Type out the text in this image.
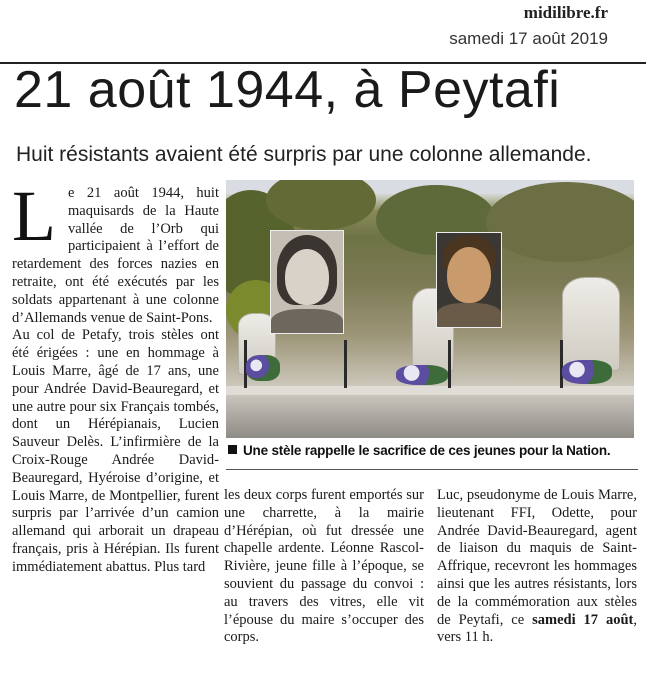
midilibre.fr
samedi 17 août 2019
21 août 1944, à Peytafi
Huit résistants avaient été surpris par une colonne allemande.
L e 21 août 1944, huit maquisards de la Haute vallée de l’Orb qui participaient à l’effort de retardement des forces nazies en retraite, ont été exécutés par les soldats appartenant à une colonne d’Allemands venue de Saint-Pons.
Au col de Petafy, trois stèles ont été érigées : une en hommage à Louis Marre, âgé de 17 ans, une pour Andrée David-Beauregard, et une autre pour six Français tombés, dont un Hérépianais, Lucien Sauveur Delès. L’infirmière de la Croix-Rouge Andrée David-Beauregard, Hyéroise d’origine, et Louis Marre, de Montpellier, furent surpris par l’arrivée d’un camion allemand qui arborait un drapeau français, pris à Hérépian. Ils furent immédiatement abattus. Plus tard
Une stèle rappelle le sacrifice de ces jeunes pour la Nation.
les deux corps furent emportés sur une charrette, à la mairie d’Hérépian, où fut dressée une chapelle ardente. Léonne Rascol-Rivière, jeune fille à l’époque, se souvient du passage du convoi : au travers des vitres, elle vit l’épouse du maire s’occuper des corps.
Luc, pseudonyme de Louis Marre, lieutenant FFI, Odette, pour Andrée David-Beauregard, agent de liaison du maquis de Saint-Affrique, recevront les hommages ainsi que les autres résistants, lors de la commémoration aux stèles de Peytafi, ce samedi 17 août, vers 11 h.
